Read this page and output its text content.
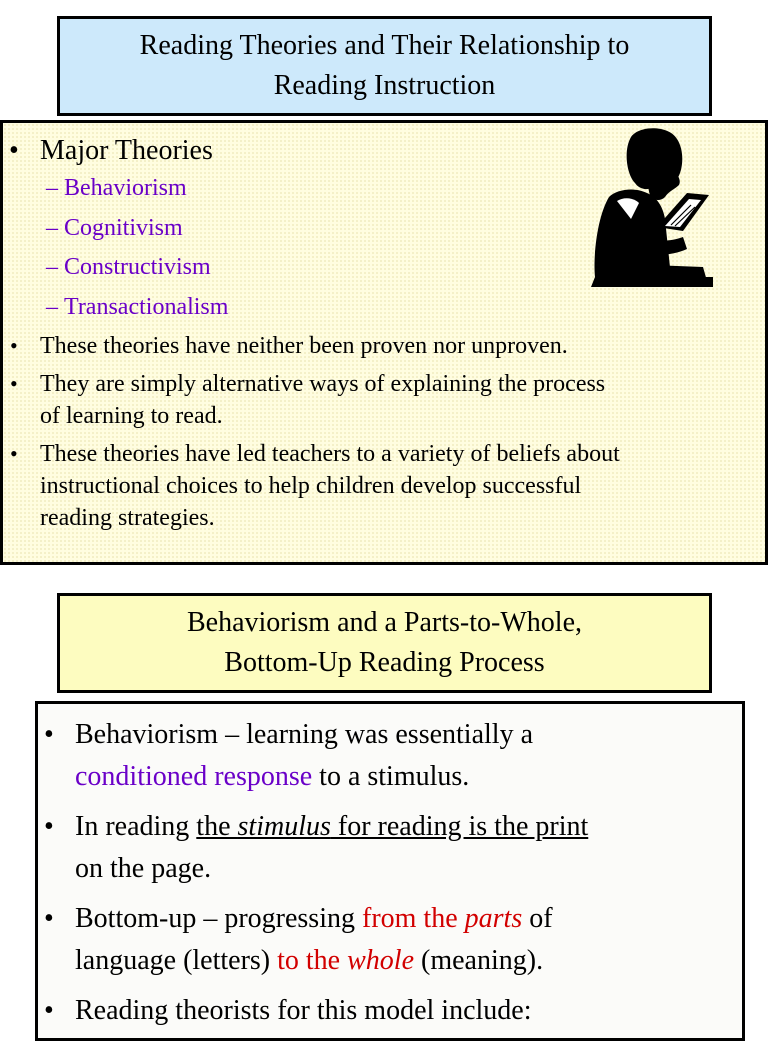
Reading Theories and Their Relationship to
Reading Instruction
• Major Theories
– Behaviorism
– Cognitivism
– Constructivism
– Transactionalism
• These theories have neither been proven nor unproven.
• They are simply alternative ways of explaining the process
of learning to read.
• These theories have led teachers to a variety of beliefs about
instructional choices to help children develop successful
reading strategies.
Behaviorism and a Parts-to-Whole,
Bottom-Up Reading Process
• Behaviorism – learning was essentially a
conditioned response to a stimulus.
• In reading the stimulus for reading is the print
on the page.
• Bottom-up – progressing from the parts of
language (letters) to the whole (meaning).
• Reading theorists for this model include:
